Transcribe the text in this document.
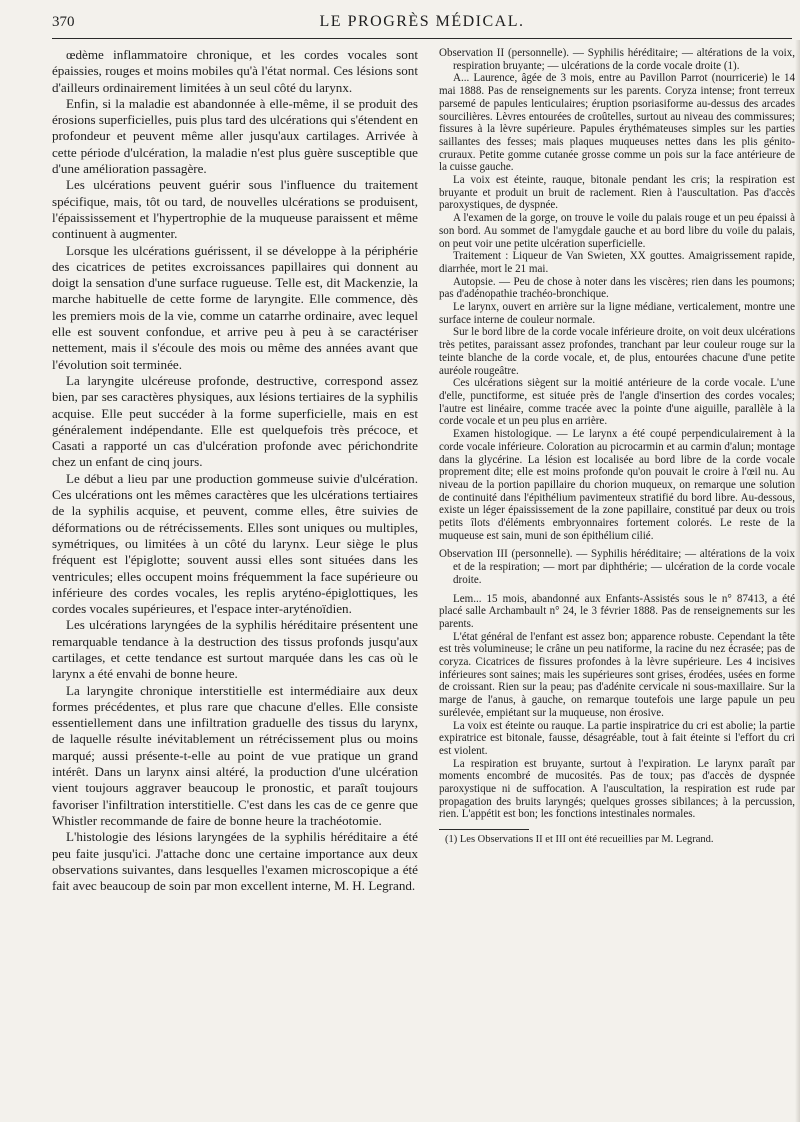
370	LE PROGRÈS MÉDICAL.

œdème inflammatoire chronique, et les cordes vocales sont épaissies, rouges et moins mobiles qu'à l'état normal. Ces lésions sont d'ailleurs ordinairement limitées à un seul côté du larynx.

Enfin, si la maladie est abandonnée à elle-même, il se produit des érosions superficielles, puis plus tard des ulcérations qui s'étendent en profondeur et peuvent même aller jusqu'aux cartilages. Arrivée à cette période d'ulcération, la maladie n'est plus guère susceptible que d'une amélioration passagère.

Les ulcérations peuvent guérir sous l'influence du traitement spécifique, mais, tôt ou tard, de nouvelles ulcérations se produisent, l'épaississement et l'hypertrophie de la muqueuse paraissent et même continuent à augmenter.

Lorsque les ulcérations guérissent, il se développe à la périphérie des cicatrices de petites excroissances papillaires qui donnent au doigt la sensation d'une surface rugueuse. Telle est, dit Mackenzie, la marche habituelle de cette forme de laryngite. Elle commence, dès les premiers mois de la vie, comme un catarrhe ordinaire, avec lequel elle est souvent confondue, et arrive peu à peu à se caractériser nettement, mais il s'écoule des mois ou même des années avant que l'évolution soit terminée.

La laryngite ulcéreuse profonde, destructive, correspond assez bien, par ses caractères physiques, aux lésions tertiaires de la syphilis acquise. Elle peut succéder à la forme superficielle, mais en est généralement indépendante. Elle est quelquefois très précoce, et Casati a rapporté un cas d'ulcération profonde avec périchondrite chez un enfant de cinq jours.

Le début a lieu par une production gommeuse suivie d'ulcération. Ces ulcérations ont les mêmes caractères que les ulcérations tertiaires de la syphilis acquise, et peuvent, comme elles, être suivies de déformations ou de rétrécissements. Elles sont uniques ou multiples, symétriques, ou limitées à un côté du larynx. Leur siège le plus fréquent est l'épiglotte; souvent aussi elles sont situées dans les ventricules; elles occupent moins fréquemment la face supérieure ou inférieure des cordes vocales, les replis aryténo-épiglottiques, les cordes vocales supérieures, et l'espace inter-aryténoïdien.

Les ulcérations laryngées de la syphilis héréditaire présentent une remarquable tendance à la destruction des tissus profonds jusqu'aux cartilages, et cette tendance est surtout marquée dans les cas où le larynx a été envahi de bonne heure.

La laryngite chronique interstitielle est intermédiaire aux deux formes précédentes, et plus rare que chacune d'elles. Elle consiste essentiellement dans une infiltration graduelle des tissus du larynx, de laquelle résulte inévitablement un rétrécissement plus ou moins marqué; aussi présente-t-elle au point de vue pratique un grand intérêt. Dans un larynx ainsi altéré, la production d'une ulcération vient toujours aggraver beaucoup le pronostic, et paraît toujours favoriser l'infiltration interstitielle. C'est dans les cas de ce genre que Whistler recommande de faire de bonne heure la trachéotomie.

L'histologie des lésions laryngées de la syphilis héréditaire a été peu faite jusqu'ici. J'attache donc une certaine importance aux deux observations suivantes, dans lesquelles l'examen microscopique a été fait avec beaucoup de soin par mon excellent interne, M. H. Legrand.

Observation II (personnelle). — Syphilis héréditaire; — altérations de la voix, respiration bruyante; — ulcérations de la corde vocale droite (1).

A... Laurence, âgée de 3 mois, entre au Pavillon Parrot (nourricerie) le 14 mai 1888. Pas de renseignements sur les parents. Coryza intense; front terreux parsemé de papules lenticulaires; éruption psoriasiforme au-dessus des arcades sourcilières. Lèvres entourées de croûtelles, surtout au niveau des commissures; fissures à la lèvre supérieure. Papules érythémateuses simples sur les parties saillantes des fesses; mais plaques muqueuses nettes dans les plis génito-cruraux. Petite gomme cutanée grosse comme un pois sur la face antérieure de la cuisse gauche.

La voix est éteinte, rauque, bitonale pendant les cris; la respiration est bruyante et produit un bruit de raclement. Rien à l'auscultation. Pas d'accès paroxystiques, de dyspnée.

A l'examen de la gorge, on trouve le voile du palais rouge et un peu épaissi à son bord. Au sommet de l'amygdale gauche et au bord libre du voile du palais, on peut voir une petite ulcération superficielle.

Traitement : Liqueur de Van Swieten, XX gouttes. Amaigrissement rapide, diarrhée, mort le 21 mai.

Autopsie. — Peu de chose à noter dans les viscères; rien dans les poumons; pas d'adénopathie trachéo-bronchique.

Le larynx, ouvert en arrière sur la ligne médiane, verticalement, montre une surface interne de couleur normale.

Sur le bord libre de la corde vocale inférieure droite, on voit deux ulcérations très petites, paraissant assez profondes, tranchant par leur couleur rouge sur la teinte blanche de la corde vocale, et, de plus, entourées chacune d'une petite auréole rougeâtre.

Ces ulcérations siègent sur la moitié antérieure de la corde vocale. L'une d'elle, punctiforme, est située près de l'angle d'insertion des cordes vocales; l'autre est linéaire, comme tracée avec la pointe d'une aiguille, parallèle à la corde vocale et un peu plus en arrière.

Examen histologique. — Le larynx a été coupé perpendiculairement à la corde vocale inférieure. Coloration au picrocarmin et au carmin d'alun; montage dans la glycérine. La lésion est localisée au bord libre de la corde vocale proprement dite; elle est moins profonde qu'on pouvait le croire à l'œil nu. Au niveau de la portion papillaire du chorion muqueux, on remarque une solution de continuité dans l'épithélium pavimenteux stratifié du bord libre. Au-dessous, existe un léger épaississement de la zone papillaire, constitué par deux ou trois petits îlots d'éléments embryonnaires fortement colorés. Le reste de la muqueuse est sain, muni de son épithélium cilié.

Observation III (personnelle). — Syphilis héréditaire; — altérations de la voix et de la respiration; — mort par diphthérie; — ulcération de la corde vocale droite.

Lem... 15 mois, abandonné aux Enfants-Assistés sous le n° 87413, a été placé salle Archambault n° 24, le 3 février 1888. Pas de renseignements sur les parents.

L'état général de l'enfant est assez bon; apparence robuste. Cependant la tête est très volumineuse; le crâne un peu natiforme, la racine du nez écrasée; pas de coryza. Cicatrices de fissures profondes à la lèvre supérieure. Les 4 incisives inférieures sont saines; mais les supérieures sont grises, érodées, usées en forme de croissant. Rien sur la peau; pas d'adénite cervicale ni sous-maxillaire. Sur la marge de l'anus, à gauche, on remarque toutefois une large papule un peu surélevée, empiétant sur la muqueuse, non érosive.

La voix est éteinte ou rauque. La partie inspiratrice du cri est abolie; la partie expiratrice est bitonale, fausse, désagréable, tout à fait éteinte si l'effort du cri est violent.

La respiration est bruyante, surtout à l'expiration. Le larynx paraît par moments encombré de mucosités. Pas de toux; pas d'accès de dyspnée paroxystique ni de suffocation. A l'auscultation, la respiration est rude par propagation des bruits laryngés; quelques grosses sibilances; à la percussion, rien. L'appétit est bon; les fonctions intestinales normales.

(1) Les Observations II et III ont été recueillies par M. Legrand.
